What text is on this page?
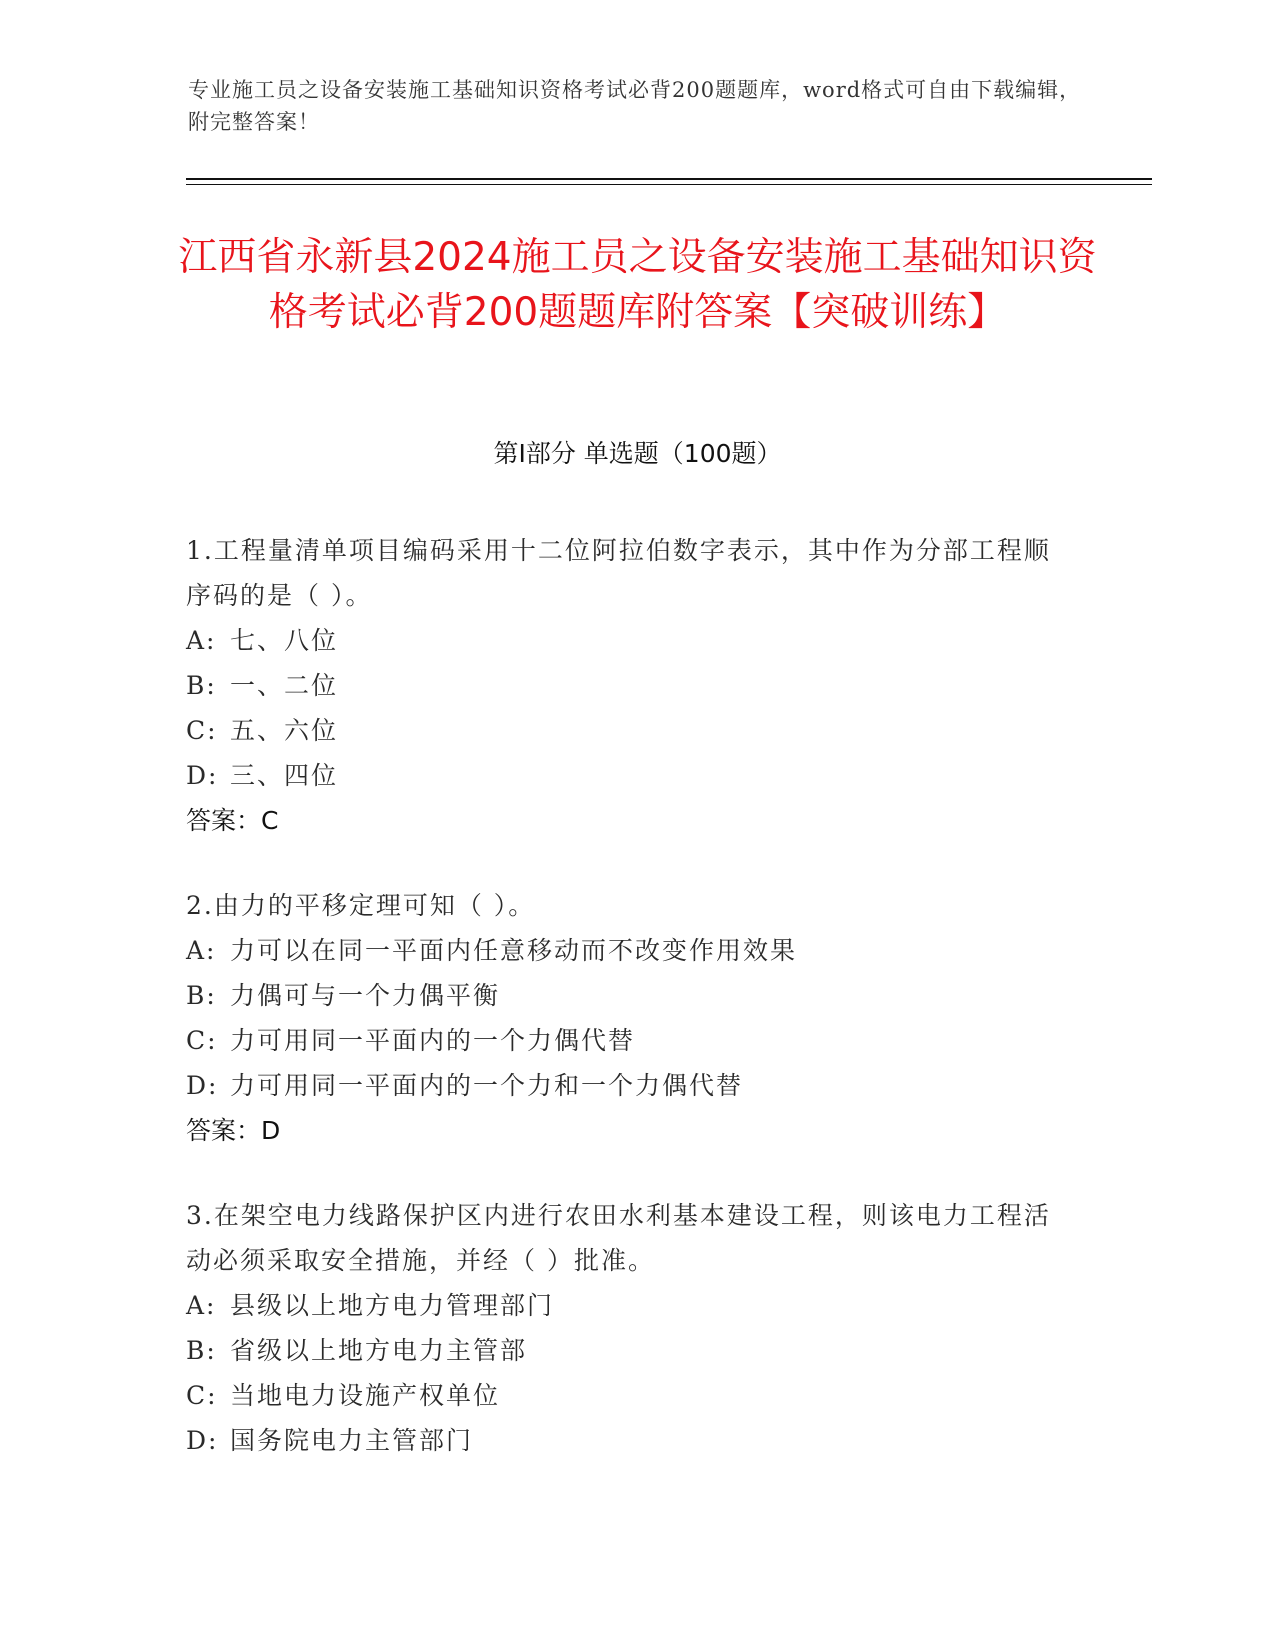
专业施工员之设备安装施工基础知识资格考试必背200题题库，word格式可自由下载编辑，附完整答案！
江西省永新县2024施工员之设备安装施工基础知识资格考试必背200题题库附答案【突破训练】
第Ⅰ部分 单选题（100题）
1.工程量清单项目编码采用十二位阿拉伯数字表示，其中作为分部工程顺序码的是（ ）。
A: 七、八位
B: 一、二位
C: 五、六位
D: 三、四位
答案：C
2.由力的平移定理可知（ ）。
A: 力可以在同一平面内任意移动而不改变作用效果
B: 力偶可与一个力偶平衡
C: 力可用同一平面内的一个力偶代替
D: 力可用同一平面内的一个力和一个力偶代替
答案：D
3.在架空电力线路保护区内进行农田水利基本建设工程，则该电力工程活动必须采取安全措施，并经（ ）批准。
A: 县级以上地方电力管理部门
B: 省级以上地方电力主管部
C: 当地电力设施产权单位
D: 国务院电力主管部门
